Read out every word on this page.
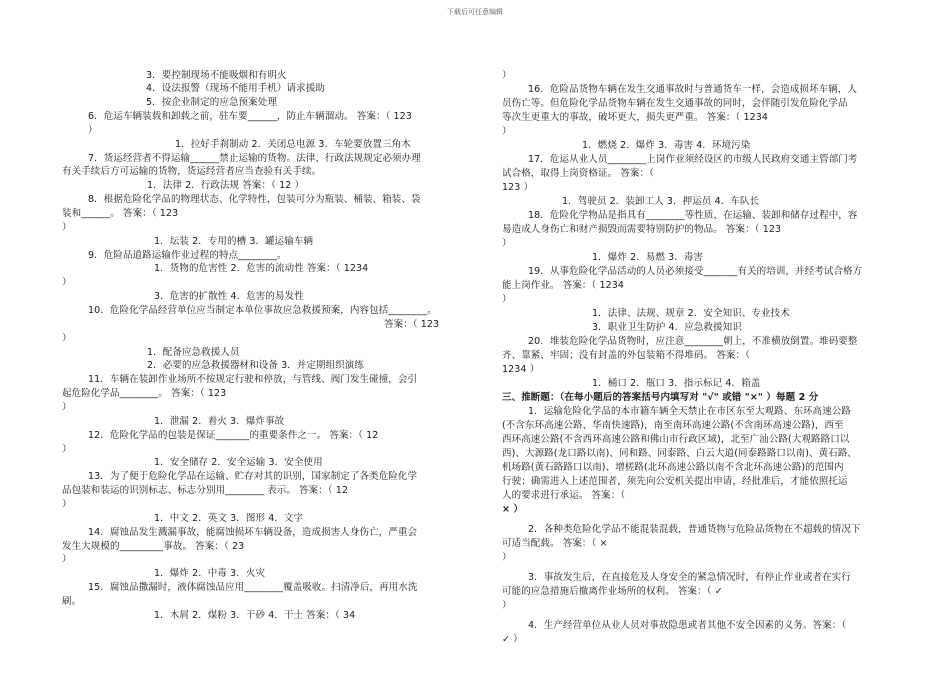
下载后可任意编辑
3．要控制现场不能吸烟和有明火
4．设法报警（现场不能用手机）请求援助
5．按企业制定的应急预案处理
6．危运车辆装载和卸载之前，驻车要______，防止车辆溜动。 答案：（ 123
）
1．拉好手刹制动 2．关闭总电源 3．车轮要放置三角木
7．货运经营者不得运输______禁止运输的货物。法律、行政法规规定必须办理
有关手续后方可运输的货物，货运经营者应当查验有关手续。
1．法律 2．行政法规 答案：（ 12 ）
8．根据危险化学品的物理状态、化学特性，包装可分为瓶装、桶装、箱装、袋
装和______。 答案：（ 123
）
1．坛装 2．专用的槽 3．罐运输车辆
9．危险品道路运输作业过程的特点________。
1．货物的危害性 2．危害的流动性 答案：（ 1234
）
3．危害的扩散性 4．危害的易发性
10．危险化学品经营单位应当制定本单位事故应急救援预案，内容包括________。
答案：（ 123
）
1．配备应急救援人员
2．必要的应急救援器材和设备 3．并定期组织演练
11．车辆在装卸作业场所不按规定行驶和停放，与管线、阀门发生碰撞，会引
起危险化学品________。 答案：（ 123
）
1．泄漏 2．着火 3．爆炸事故
12．危险化学品的包装是保证_______的重要条件之一。 答案：（ 12
）
1．安全储存 2．安全运输 3．安全使用
13．为了便于危险化学品在运输、贮存对其的识别，国家制定了各类危险化学
品包装和装运的识别标志、标志分别用________ 表示。 答案：（ 12
）
1．中文 2．英文 3．图形 4．文字
14．腐蚀品发生溅漏事故，能腐蚀损坏车辆设备，造成损害人身伤亡，严重会
发生大规模的_________事故。 答案：（ 23
）
1．爆炸 2．中毒 3．火灾
15．腐蚀品撒漏时，液体腐蚀品应用________覆盖吸收。扫清净后，再用水洗
刷。
1．木屑 2．煤粉 3．干砂 4．干土 答案：（ 34
）
16．危险品货物车辆在发生交通事故时与普通货车一样，会造成损坏车辆，人
员伤亡等。但危险化学品货物车辆在发生交通事故的同时，会伴随引发危险化学品
等次生更重大的事故，破坏更大，损失更严重。 答案：（ 1234
）
1．燃烧 2．爆炸 3．毒害 4．环境污染
17．危运从业人员________上岗作业须经设区的市级人民政府交通主管部门考
试合格，取得上岗资格证。 答案：（
123 ）
1．驾驶员 2．装卸工人 3．押运员 4．车队长
18．危险化学物品是指具有________等性质，在运输、装卸和储存过程中，容
易造成人身伤亡和财产损毁而需要特别防护的物品。 答案：（ 123
）
1．爆炸 2．易燃 3．毒害
19．从事危险化学品活动的人员必须接受_______有关的培训，并经考试合格方
能上岗作业。 答案：（ 1234
）
1．法律、法规、规章 2．安全知识、专业技术
3．职业卫生防护 4．应急救援知识
20．堆装危险化学品货物时，应注意________朝上，不准横放倒置。堆码要整
齐、靠紧、牢固；没有封盖的外包装箱不得堆码。 答案：（
1234 ）
1．桶口 2．瓶口 3．指示标记 4．箱盖
三、推断题：（在每小题后的答案括号内填写对 "√" 或错 "×" ）每题 2 分
1．运输危险化学品的本市籍车辆全天禁止在市区东至大观路、东环高速公路
(不含东环高速公路、华南快速路)，南至南环高速公路(不含南环高速公路)，西至
西环高速公路(不含西环高速公路和佛山市行政区域)，北至广汕公路(大观路路口以
西)、大源路(龙口路以南)、同和路、同泰路、白云大道(同泰路路口以南)、黄石路、
机场路(黄石路路口以南)、增槎路(北环高速公路以南不含北环高速公路)的范围内
行驶；确需进入上述范围者，须先向公安机关提出申请，经批准后，才能依照托运
人的要求进行承运。 答案：（
× ）
2．各种类危险化学品不能混装混载，普通货物与危险品货物在不超载的情况下
可适当配载。 答案：（ ×
）
3．事故发生后，在直接危及人身安全的紧急情况时，有停止作业或者在实行
可能的应急措施后撤离作业场所的权利。 答案：（ ✓
）
4．生产经营单位从业人员对事故隐患或者其他不安全因素的义务。答案：（
✓ ）
